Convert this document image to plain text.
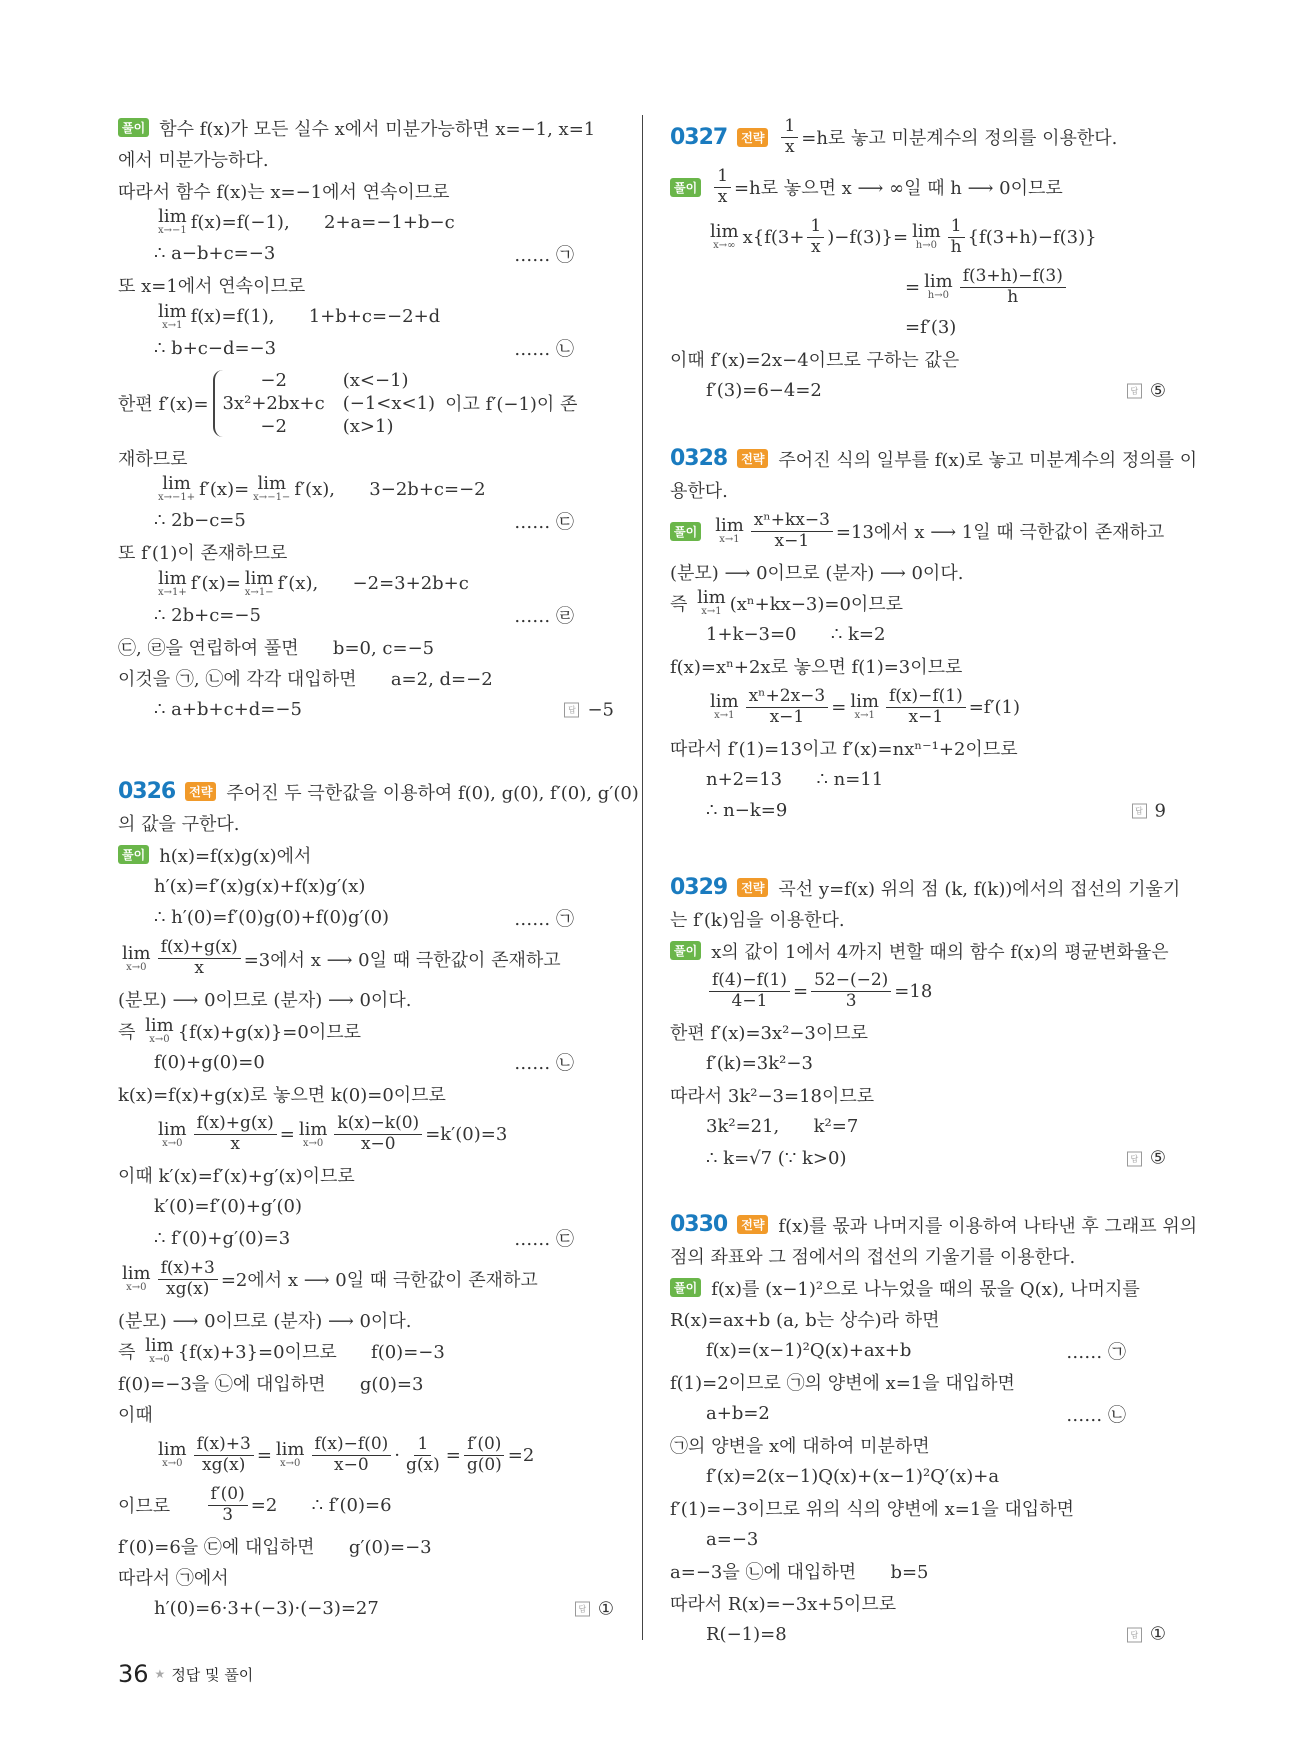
풀이 함수 f(x)가 모든 실수 x에서 미분가능하면 x=−1, x=1
에서 미분가능하다.
따라서 함수 f(x)는 x=−1에서 연속이므로
lim
x→−1 f(x)=f(−1),      2+a=−1+b−c
∴ a−b+c=−3	…… ㉠
또 x=1에서 연속이므로
lim
x→1 f(x)=f(1),      1+b+c=−2+d
∴ b+c−d=−3	…… ㉡
한편 f′(x)=
−2	(x<−1)
3x²+2bx+c (−1<x<1)
−2	(x>1)
이고 f′(−1)이 존
재하므로
lim
x→−1+ f′(x)= lim
x→−1− f′(x),      3−2b+c=−2
∴ 2b−c=5	…… ㉢
또 f′(1)이 존재하므로
lim
x→1+ f′(x)= lim
x→1− f′(x),      −2=3+2b+c
∴ 2b+c=−5	…… ㉣
㉢, ㉣을 연립하여 풀면      b=0, c=−5
이것을 ㉠, ㉡에 각각 대입하면      a=2, d=−2
∴ a+b+c+d=−5	답 −5
0326	전략 주어진 두 극한값을 이용하여 f(0), g(0), f′(0), g′(0)
의 값을 구한다.
풀이 h(x)=f(x)g(x)에서
h′(x)=f′(x)g(x)+f(x)g′(x)
∴ h′(0)=f′(0)g(0)+f(0)g′(0)	…… ㉠
lim
$x\to 0 \frac{f(x)+g(x)}{x} =3$에서 x ⟶ 0일 때 극한값이 존재하고
(분모) ⟶ 0이므로 (분자) ⟶ 0이다.
즉 lim
x→0 {f(x)+g(x)}=0이므로
f(0)+g(0)=0	…… ㉡
k(x)=f(x)+g(x)로 놓으면 k(0)=0이므로
lim
$x\to 0 \frac{f(x)+g(x)}{x} = \lim$
$x\to 0 \frac{k(x)-k(0)}{x-0} =k'(0)=3$
이때 k′(x)=f′(x)+g′(x)이므로
k′(0)=f′(0)+g′(0)
∴ f′(0)+g′(0)=3	…… ㉢
lim
$x\to 0 \frac{f(x)+3}{xg(x)} =2$에서 x ⟶ 0일 때 극한값이 존재하고
(분모) ⟶ 0이므로 (분자) ⟶ 0이다.
즉 lim
x→0 {f(x)+3}=0이므로      f(0)=−3
f(0)=−3을 ㉡에 대입하면      g(0)=3
이때
lim
$x\to 0 \frac{f(x)+3}{xg(x)} = \lim$
$x\to 0 \frac{f(x)-f(0)}{x-0} \cdot \frac{1}{g(x)} = \frac{f'(0)}{g(0)} =2$
이므로 $\frac{f'(0)}{3} =2$      ∴ f′(0)=6
f′(0)=6을 ㉢에 대입하면      g′(0)=−3
따라서 ㉠에서
h′(0)=6·3+(−3)·(−3)=27	답 ①
0327	전략 $\frac{1}{x} =h$로 놓고 미분계수의 정의를 이용한다.
풀이 $\frac{1}{x} =h$로 놓으면 x ⟶ ∞일 때 h ⟶ 0이므로
lim
x→∞ $x\{f(3+ \frac{1}{x} )-f(3)\}= \lim$
$h\to 0 \frac{1}{h} \{f(3+h)-f(3)\}$
= lim
$h\to 0 \frac{f(3+h)-f(3)}{h}$
=f′(3)
이때 f′(x)=2x−4이므로 구하는 값은
f′(3)=6−4=2	답 ⑤
0328	전략 주어진 식의 일부를 f(x)로 놓고 미분계수의 정의를 이
용한다.
풀이 lim
$x\to 1 \frac{\text{xⁿ+kx−3}}{x-1} =13$에서 x ⟶ 1일 때 극한값이 존재하고
(분모) ⟶ 0이므로 (분자) ⟶ 0이다.
즉 lim
x→1 (xⁿ+kx−3)=0이므로
1+k−3=0      ∴ k=2
f(x)=xⁿ+2x로 놓으면 f(1)=3이므로
lim
$x\to 1 \frac{\text{xⁿ+2x−3}}{x-1} = \lim$
$x\to 1 \frac{f(x)-f(1)}{x-1} =f'(1)$
따라서 f′(1)=13이고 f′(x)=nxⁿ⁻¹+2이므로
n+2=13      ∴ n=11
∴ n−k=9	답 9
0329	전략 곡선 y=f(x) 위의 점 (k, f(k))에서의 접선의 기울기
는 f′(k)임을 이용한다.
풀이 x의 값이 1에서 4까지 변할 때의 함수 f(x)의 평균변화율은
$\frac{f(4)-f(1)}{4-1} = \frac{52-(-2)}{3} =18$
한편 f′(x)=3x²−3이므로
f′(k)=3k²−3
따라서 3k²−3=18이므로
3k²=21,      k²=7
∴ k=√7 (∵ k>0)	답 ⑤
0330	전략 f(x)를 몫과 나머지를 이용하여 나타낸 후 그래프 위의
점의 좌표와 그 점에서의 접선의 기울기를 이용한다.
풀이 f(x)를 (x−1)²으로 나누었을 때의 몫을 Q(x), 나머지를
R(x)=ax+b (a, b는 상수)라 하면
f(x)=(x−1)²Q(x)+ax+b	…… ㉠
f(1)=2이므로 ㉠의 양변에 x=1을 대입하면
a+b=2	…… ㉡
㉠의 양변을 x에 대하여 미분하면
f′(x)=2(x−1)Q(x)+(x−1)²Q′(x)+a
f′(1)=−3이므로 위의 식의 양변에 x=1을 대입하면
a=−3
a=−3을 ㉡에 대입하면      b=5
따라서 R(x)=−3x+5이므로
R(−1)=8	답 ①
36 ★ 정답 및 풀이
